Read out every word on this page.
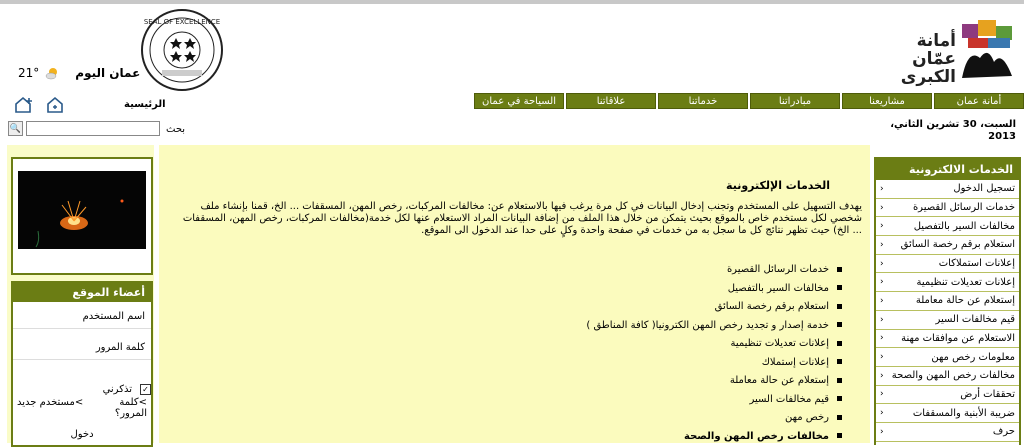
أمانة
عمّان
الكبرى
SEAL OF EXCELLENCE
21°	عمان اليوم
الرئيسية	أمانة عمان
مشاريعنا
مبادراتنا
خدماتنا
علاقاتنا
السياحة في عمان
السبت، 30 تشرين الثاني،
2013
بحث
🔍
أعضاء الموقع
اسم المستخدم
كلمة المرور
تذكرني	✓
>مستخدم جديد	>كلمة المرور؟
دخول
الخدمات الإلكترونية
يهدف التسهيل على المستخدم وتجنب إدخال البيانات في كل مرة يرغب فيها بالاستعلام عن: مخالفات المركبات، رخص المهن، المسقفات ... الخ، قمنا بإنشاء ملف شخصي لكل مستخدم خاص بالموقع بحيث يتمكن من خلال هذا الملف من إضافة البيانات المراد الاستعلام عنها لكل خدمة(مخالفات المركبات، رخص المهن، المسقفات ... الخ) حيث تظهر نتائج كل ما سجل به من خدمات في صفحة واحدة وكلٍ على حدا عند الدخول الى الموقع.
خدمات الرسائل القصيرة
مخالفات السير بالتفصيل
استعلام برقم رخصة السائق
خدمة إصدار و تجديد رخص المهن الكترونيا( كافة المناطق )
إعلانات تعديلات تنظيمية
إعلانات إستملاك
إستعلام عن حالة معاملة
قيم مخالفات السير
رخص مهن
مخالفات رخص المهن والصحة
الخدمات الالكترونية
›	تسجيل الدخول
›	خدمات الرسائل القصيرة
›	مخالفات السير بالتفصيل
›	استعلام برقم رخصة السائق
›	إعلانات استملاكات
›	إعلانات تعديلات تنظيمية
›	إستعلام عن حالة معاملة
›	قيم مخالفات السير
›	الاستعلام عن موافقات مهنة
›	معلومات رخص مهن
› مخالفات رخص المهن والصحة
›	تحققات أرض
›	ضريبة الأبنية والمسقفات
›	حرف
